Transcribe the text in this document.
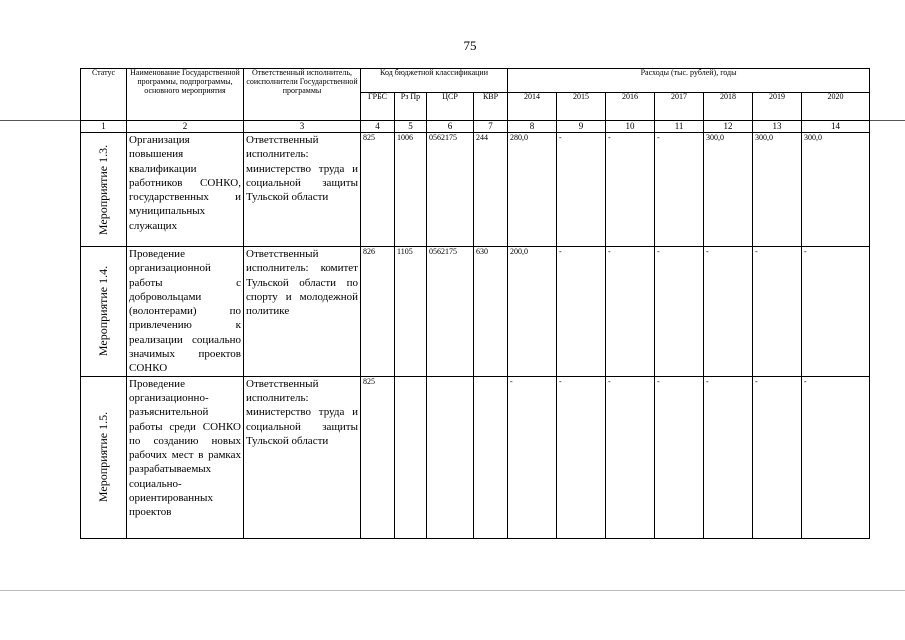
75
Статус	Наименование Государственной программы, подпрограммы, основного мероприятия	Ответственный исполнитель, соисполнители Государственной программы	Код бюджетной классификации				Расходы (тыс. рублей), годы						
			ГРБС	Рз Пр	ЦСР	КВР	2014	2015	2016	2017	2018	2019	2020
1	2	3	4	5	6	7	8	9	10	11	12	13	14

Мероприятие 1.3.	Организация повышения квалификации работников СОНКО, государственных и муниципальных служащих	Ответственный исполнитель: министерство труда и социальной защиты Тульской области	825	1006	0562175	244	280,0	-	-	-	300,0	300,0	300,0

Мероприятие 1.4.	Проведение организационной работы с добровольцами (волонтерами) по привлечению к реализации социально значимых проектов СОНКО	Ответственный исполнитель: комитет Тульской области по спорту и молодежной политике	826	1105	0562175	630	200,0	-	-	-	-	-	-

Мероприятие 1.5.	Проведение организационно-разъяснительной работы среди СОНКО по созданию новых рабочих мест в рамках разрабатываемых социально-ориентированных проектов	Ответственный исполнитель: министерство труда и социальной защиты Тульской области	825				-	-	-	-	-	-	-
